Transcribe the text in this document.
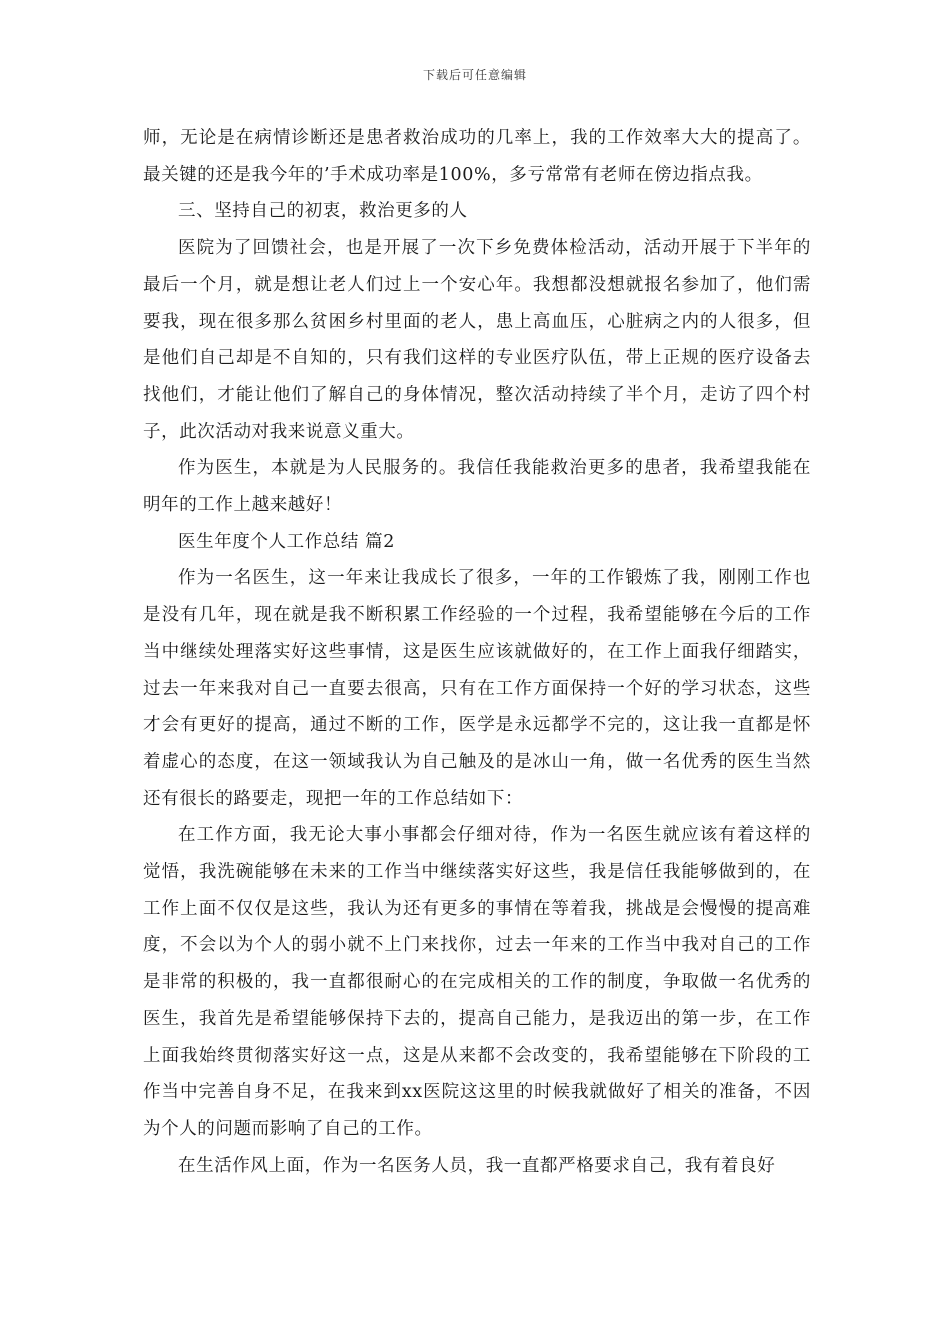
下载后可任意编辑

师，无论是在病情诊断还是患者救治成功的几率上，我的工作效率大大的提高了。最关键的还是我今年的’手术成功率是100%，多亏常常有老师在傍边指点我。

三、坚持自己的初衷，救治更多的人

医院为了回馈社会，也是开展了一次下乡免费体检活动，活动开展于下半年的最后一个月，就是想让老人们过上一个安心年。我想都没想就报名参加了，他们需要我，现在很多那么贫困乡村里面的老人，患上高血压，心脏病之内的人很多，但是他们自己却是不自知的，只有我们这样的专业医疗队伍，带上正规的医疗设备去找他们，才能让他们了解自己的身体情况，整次活动持续了半个月，走访了四个村子，此次活动对我来说意义重大。

作为医生，本就是为人民服务的。我信任我能救治更多的患者，我希望我能在明年的工作上越来越好！

医生年度个人工作总结 篇2

作为一名医生，这一年来让我成长了很多，一年的工作锻炼了我，刚刚工作也是没有几年，现在就是我不断积累工作经验的一个过程，我希望能够在今后的工作当中继续处理落实好这些事情，这是医生应该就做好的，在工作上面我仔细踏实，过去一年来我对自己一直要去很高，只有在工作方面保持一个好的学习状态，这些才会有更好的提高，通过不断的工作，医学是永远都学不完的，这让我一直都是怀着虚心的态度，在这一领域我认为自己触及的是冰山一角，做一名优秀的医生当然还有很长的路要走，现把一年的工作总结如下：

在工作方面，我无论大事小事都会仔细对待，作为一名医生就应该有着这样的觉悟，我洗碗能够在未来的工作当中继续落实好这些，我是信任我能够做到的，在工作上面不仅仅是这些，我认为还有更多的事情在等着我，挑战是会慢慢的提高难度，不会以为个人的弱小就不上门来找你，过去一年来的工作当中我对自己的工作是非常的积极的，我一直都很耐心的在完成相关的工作的制度，争取做一名优秀的医生，我首先是希望能够保持下去的，提高自己能力，是我迈出的第一步，在工作上面我始终贯彻落实好这一点，这是从来都不会改变的，我希望能够在下阶段的工作当中完善自身不足，在我来到xx医院这这里的时候我就做好了相关的准备，不因为个人的问题而影响了自己的工作。

在生活作风上面，作为一名医务人员，我一直都严格要求自己，我有着良好
